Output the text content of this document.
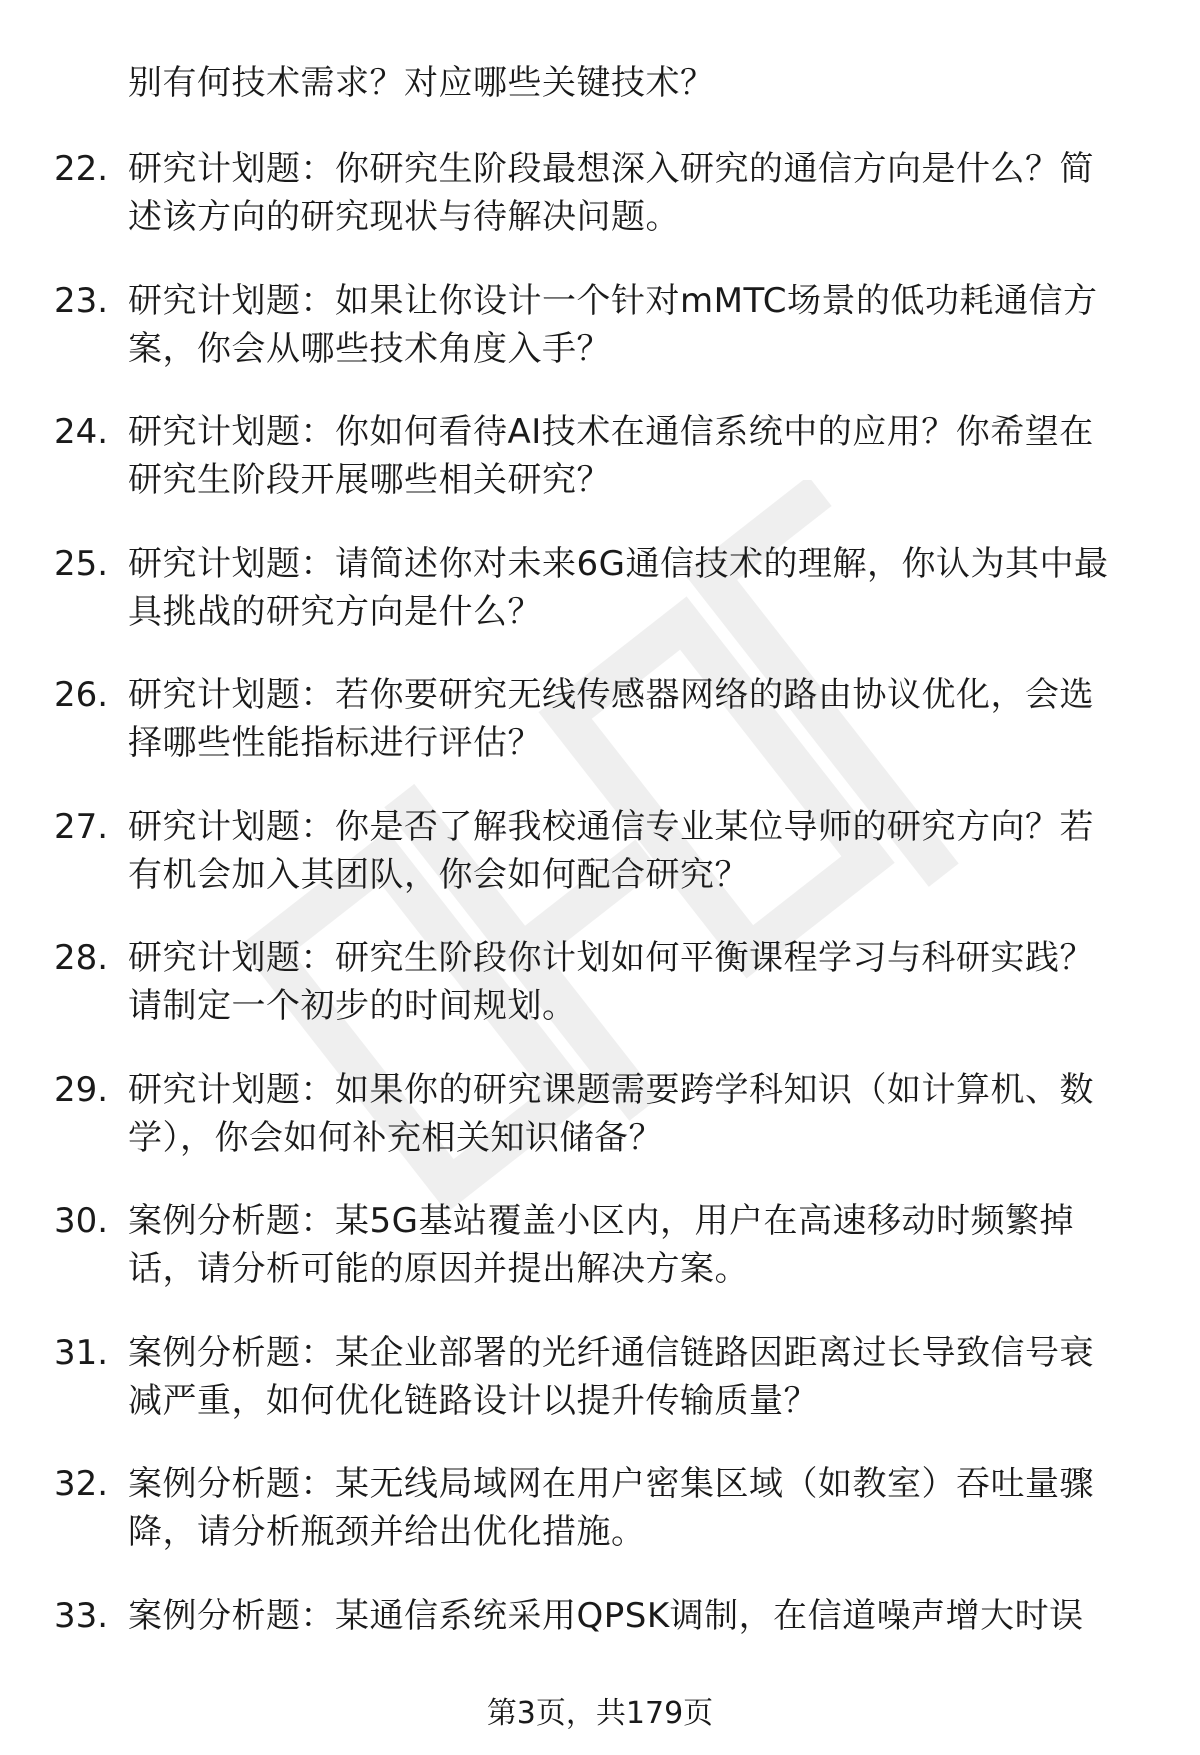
别有何技术需求？对应哪些关键技术？
22. 研究计划题：你研究生阶段最想深入研究的通信方向是什么？简
述该方向的研究现状与待解决问题。
23. 研究计划题：如果让你设计一个针对mMTC场景的低功耗通信方
案，你会从哪些技术角度入手？
24. 研究计划题：你如何看待AI技术在通信系统中的应用？你希望在
研究生阶段开展哪些相关研究？
25. 研究计划题：请简述你对未来6G通信技术的理解，你认为其中最
具挑战的研究方向是什么？
26. 研究计划题：若你要研究无线传感器网络的路由协议优化，会选
择哪些性能指标进行评估？
27. 研究计划题：你是否了解我校通信专业某位导师的研究方向？若
有机会加入其团队，你会如何配合研究？
28. 研究计划题：研究生阶段你计划如何平衡课程学习与科研实践？
请制定一个初步的时间规划。
29. 研究计划题：如果你的研究课题需要跨学科知识（如计算机、数
学），你会如何补充相关知识储备？
30. 案例分析题：某5G基站覆盖小区内，用户在高速移动时频繁掉
话，请分析可能的原因并提出解决方案。
31. 案例分析题：某企业部署的光纤通信链路因距离过长导致信号衰
减严重，如何优化链路设计以提升传输质量？
32. 案例分析题：某无线局域网在用户密集区域（如教室）吞吐量骤
降，请分析瓶颈并给出优化措施。
33. 案例分析题：某通信系统采用QPSK调制，在信道噪声增大时误
第3页，共179页
